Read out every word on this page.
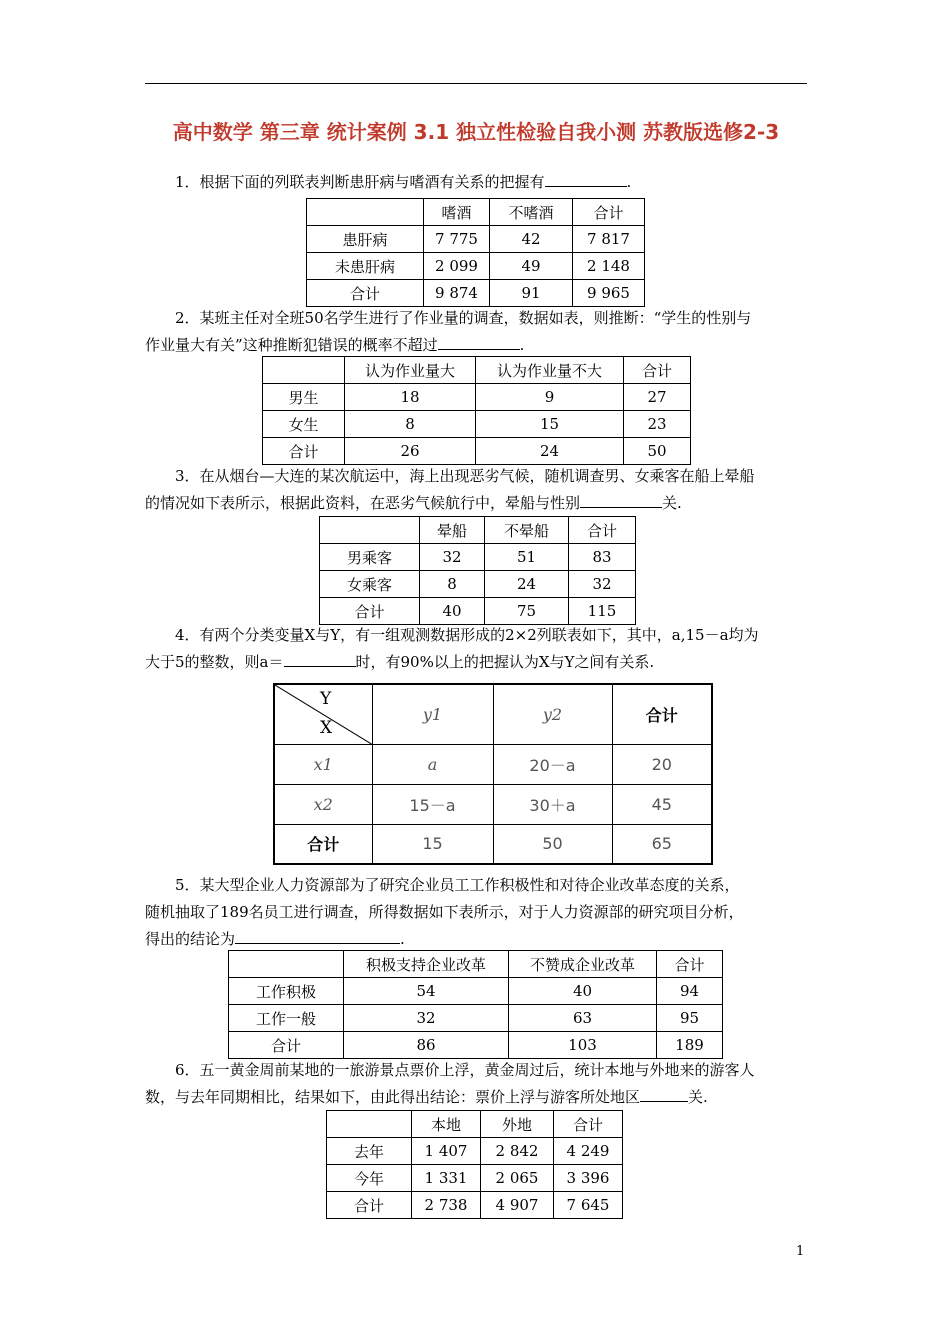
高中数学 第三章 统计案例 3.1 独立性检验自我小测 苏教版选修2-3
1．根据下面的列联表判断患肝病与嗜酒有关系的把握有	.
	嗜酒	不嗜酒	合计
患肝病	7 775	42	7 817
未患肝病	2 099	49	2 148
合计	9 874	91	9 965
2．某班主任对全班50名学生进行了作业量的调查，数据如表，则推断：“学生的性别与
作业量大有关”这种推断犯错误的概率不超过	.
	认为作业量大	认为作业量不大	合计
男生	18	9	27
女生	8	15	23
合计	26	24	50
3．在从烟台—大连的某次航运中，海上出现恶劣气候，随机调查男、女乘客在船上晕船
的情况如下表所示，根据此资料，在恶劣气候航行中，晕船与性别	关.
	晕船	不晕船	合计
男乘客	32	51	83
女乘客	8	24	32
合计	40	75	115
4．有两个分类变量X与Y，有一组观测数据形成的2×2列联表如下，其中，a,15－a均为
大于5的整数，则a＝	时，有90%以上的把握认为X与Y之间有关系.
Y
X	y1	y2	合计
x1	a	20－a	20
x2	15－a	30＋a	45
合计	15	50	65
5．某大型企业人力资源部为了研究企业员工工作积极性和对待企业改革态度的关系，
随机抽取了189名员工进行调查，所得数据如下表所示，对于人力资源部的研究项目分析，
得出的结论为	.
	积极支持企业改革	不赞成企业改革	合计
工作积极	54	40	94
工作一般	32	63	95
合计	86	103	189
6．五一黄金周前某地的一旅游景点票价上浮，黄金周过后，统计本地与外地来的游客人
数，与去年同期相比，结果如下，由此得出结论：票价上浮与游客所处地区	关.
	本地	外地	合计
去年	1 407	2 842	4 249
今年	1 331	2 065	3 396
合计	2 738	4 907	7 645
1
